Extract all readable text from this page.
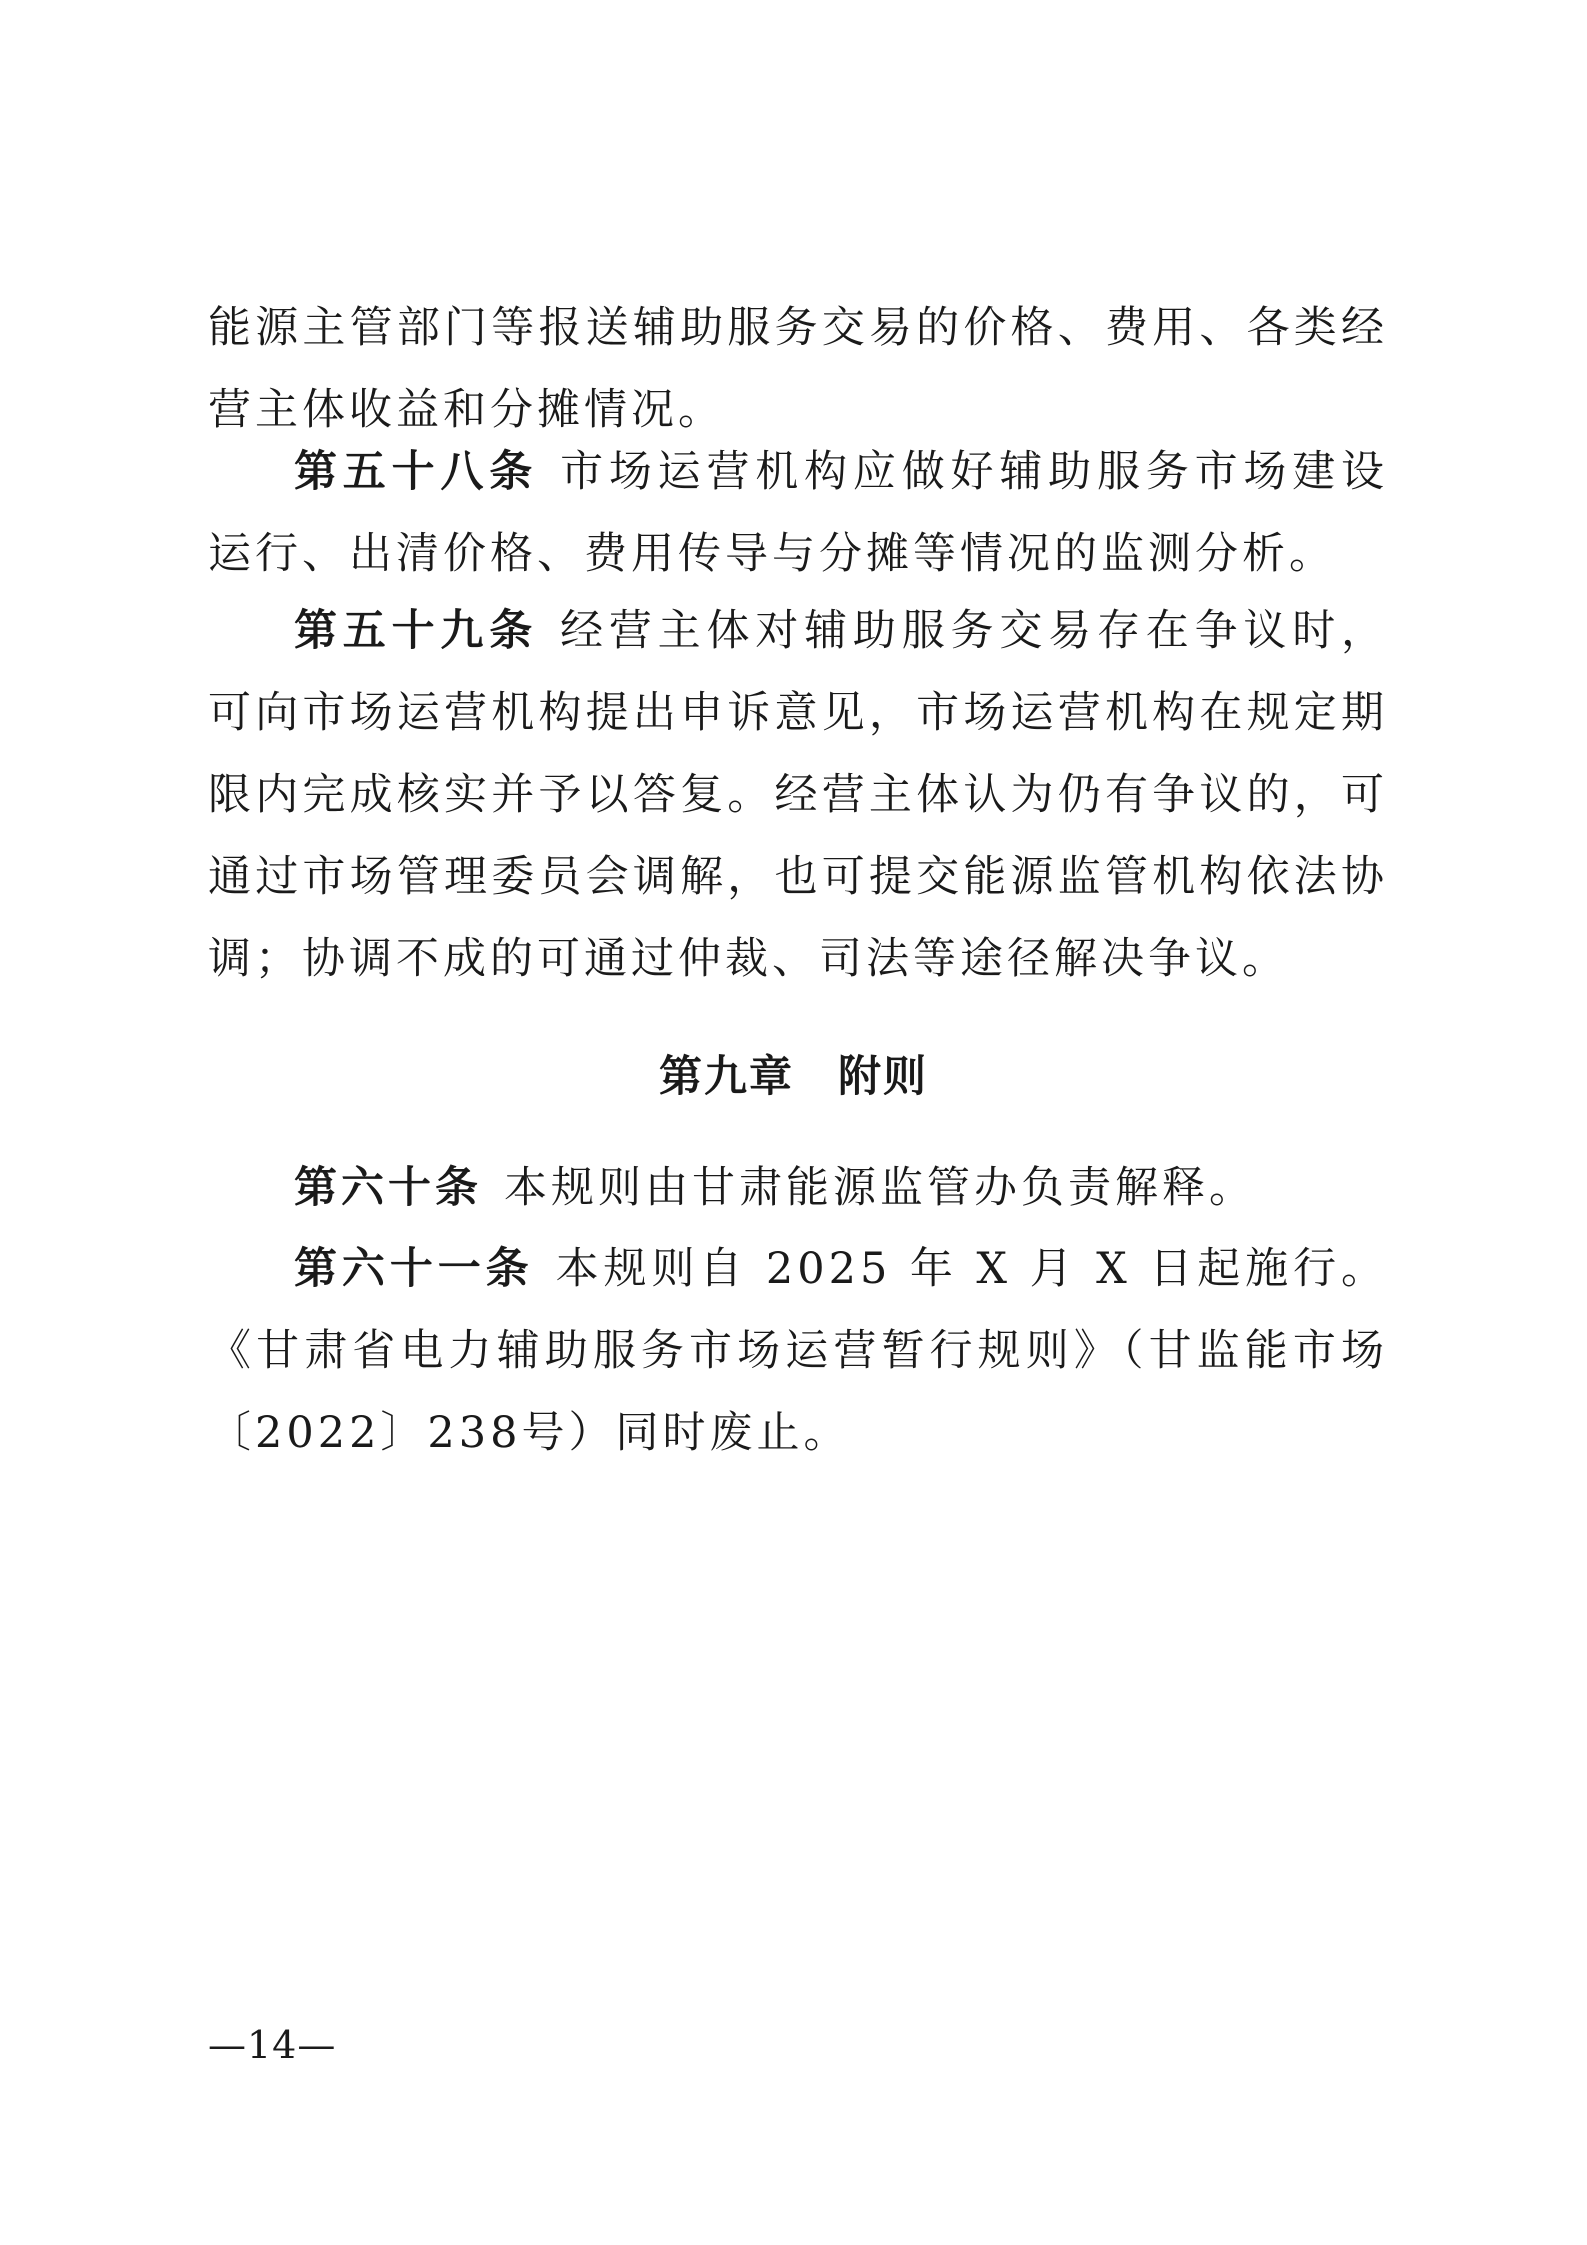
能源主管部门等报送辅助服务交易的价格、费用、各类经营主体收益和分摊情况。

第五十八条 市场运营机构应做好辅助服务市场建设运行、出清价格、费用传导与分摊等情况的监测分析。

第五十九条 经营主体对辅助服务交易存在争议时，可向市场运营机构提出申诉意见，市场运营机构在规定期限内完成核实并予以答复。经营主体认为仍有争议的，可通过市场管理委员会调解，也可提交能源监管机构依法协调；协调不成的可通过仲裁、司法等途径解决争议。

第九章 附则

第六十条 本规则由甘肃能源监管办负责解释。

第六十一条 本规则自 2025 年 X 月 X 日起施行。《甘肃省电力辅助服务市场运营暂行规则》（甘监能市场〔2022〕238号）同时废止。

—14—
